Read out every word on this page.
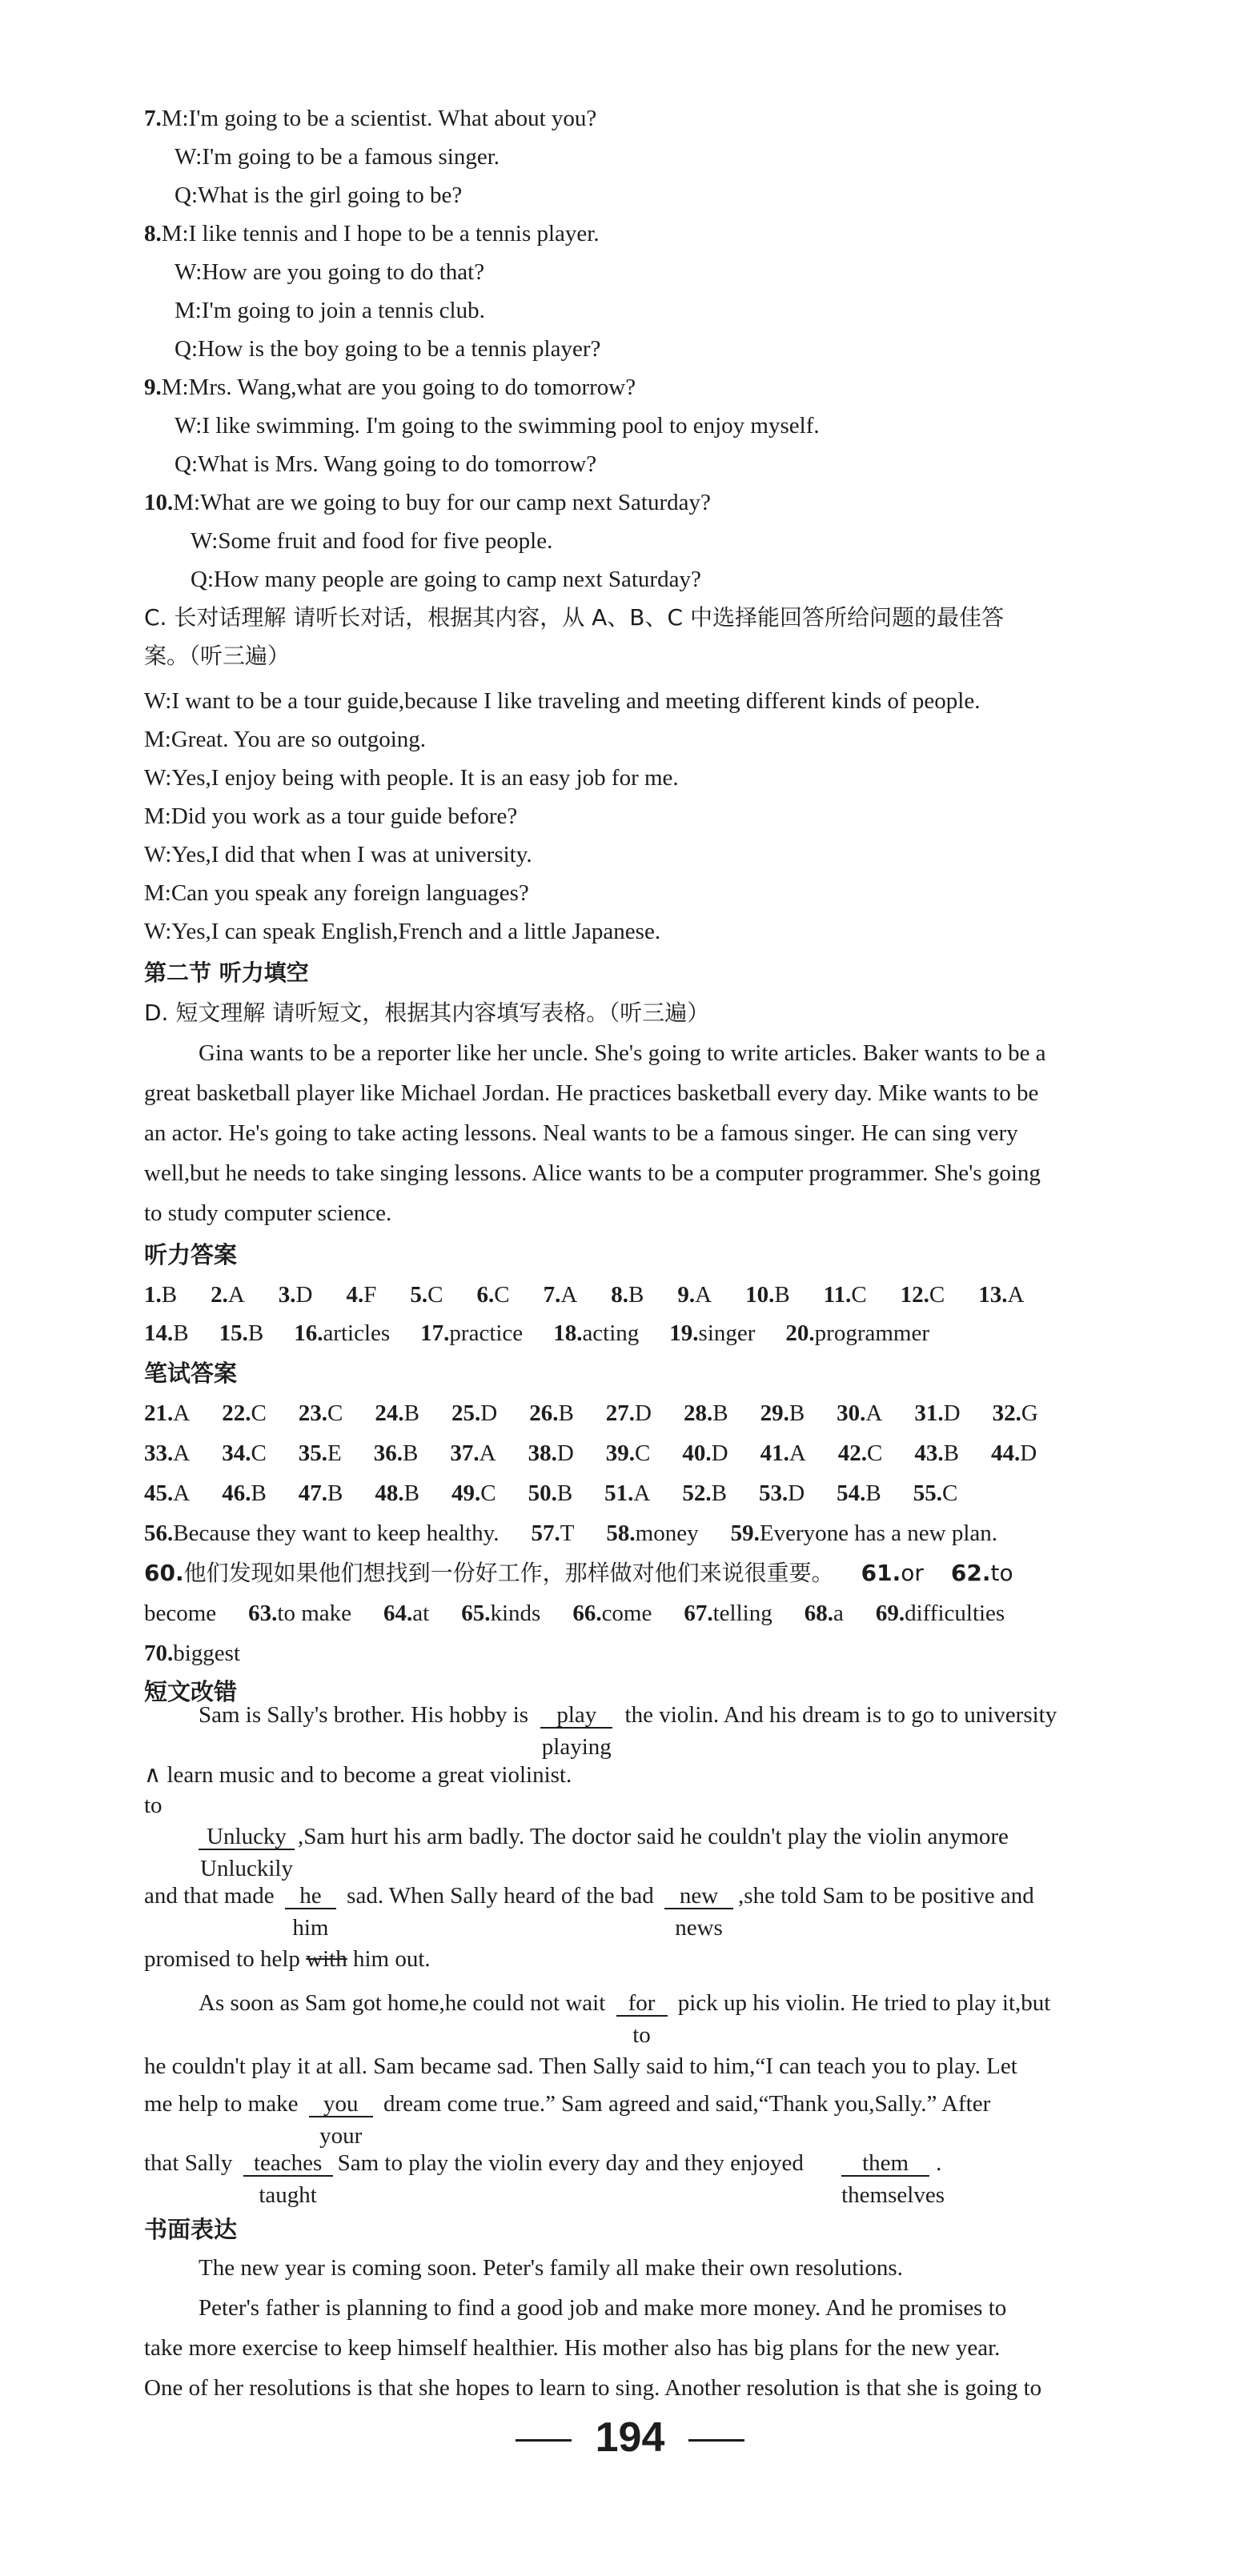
7.M:I'm going to be a scientist. What about you?
W:I'm going to be a famous singer.
Q:What is the girl going to be?
8.M:I like tennis and I hope to be a tennis player.
W:How are you going to do that?
M:I'm going to join a tennis club.
Q:How is the boy going to be a tennis player?
9.M:Mrs. Wang,what are you going to do tomorrow?
W:I like swimming. I'm going to the swimming pool to enjoy myself.
Q:What is Mrs. Wang going to do tomorrow?
10.M:What are we going to buy for our camp next Saturday?
W:Some fruit and food for five people.
Q:How many people are going to camp next Saturday?
C. 长对话理解 请听长对话，根据其内容，从 A、B、C 中选择能回答所给问题的最佳答
案。（听三遍）
W:I want to be a tour guide,because I like traveling and meeting different kinds of people.
M:Great. You are so outgoing.
W:Yes,I enjoy being with people. It is an easy job for me.
M:Did you work as a tour guide before?
W:Yes,I did that when I was at university.
M:Can you speak any foreign languages?
W:Yes,I can speak English,French and a little Japanese.
第二节 听力填空
D. 短文理解 请听短文，根据其内容填写表格。（听三遍）
Gina wants to be a reporter like her uncle. She's going to write articles. Baker wants to be a
great basketball player like Michael Jordan. He practices basketball every day. Mike wants to be
an actor. He's going to take acting lessons. Neal wants to be a famous singer. He can sing very
well,but he needs to take singing lessons. Alice wants to be a computer programmer. She's going
to study computer science.
听力答案
1.B 2.A 3.D 4.F 5.C 6.C 7.A 8.B 9.A 10.B 11.C 12.C 13.A
14.B 15.B 16.articles 17.practice 18.acting 19.singer 20.programmer
笔试答案
21.A 22.C 23.C 24.B 25.D 26.B 27.D 28.B 29.B 30.A 31.D 32.G
33.A 34.C 35.E 36.B 37.A 38.D 39.C 40.D 41.A 42.C 43.B 44.D
45.A 46.B 47.B 48.B 49.C 50.B 51.A 52.B 53.D 54.B 55.C
56.Because they want to keep healthy. 57.T 58.money 59.Everyone has a new plan.
60.他们发现如果他们想找到一份好工作，那样做对他们来说很重要。 61.or 62.to
become 63.to make 64.at 65.kinds 66.come 67.telling 68.a 69.difficulties
70.biggest
短文改错
Sam is Sally's brother. His hobby is play
playing
the violin. And his dream is to go to university
∧ learn music and to become a great violinist.
to
Unlucky
Unluckily
,Sam hurt his arm badly. The doctor said he couldn't play the violin anymore
and that made he
him
sad. When Sally heard of the bad new
news
,she told Sam to be positive and
promised to help with him out.
As soon as Sam got home,he could not wait for
to
pick up his violin. He tried to play it,but
he couldn't play it at all. Sam became sad. Then Sally said to him,“I can teach you to play. Let
me help to make you
your
dream come true.” Sam agreed and said,“Thank you,Sally.” After
that Sally teaches
taught
Sam to play the violin every day and they enjoyed	them
themselves
.
书面表达
The new year is coming soon. Peter's family all make their own resolutions.
Peter's father is planning to find a good job and make more money. And he promises to
take more exercise to keep himself healthier. His mother also has big plans for the new year.
One of her resolutions is that she hopes to learn to sing. Another resolution is that she is going to
194
